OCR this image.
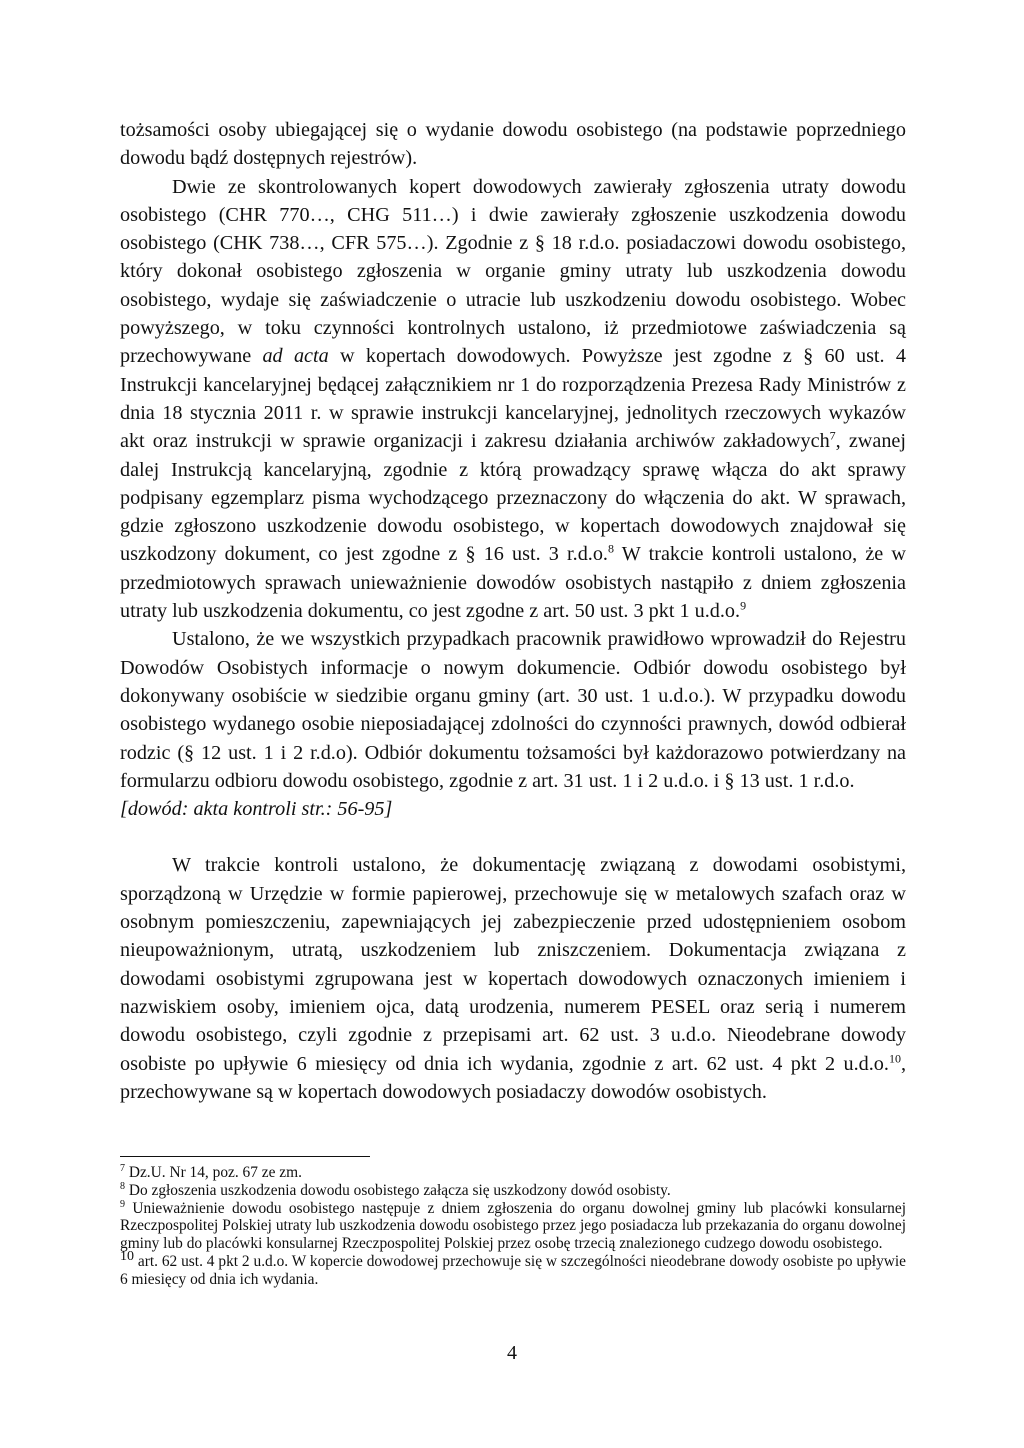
tożsamości osoby ubiegającej się o wydanie dowodu osobistego (na podstawie poprzedniego dowodu bądź dostępnych rejestrów).

Dwie ze skontrolowanych kopert dowodowych zawierały zgłoszenia utraty dowodu osobistego (CHR 770…, CHG 511…) i dwie zawierały zgłoszenie uszkodzenia dowodu osobistego (CHK 738…, CFR 575…). Zgodnie z § 18 r.d.o. posiadaczowi dowodu osobistego, który dokonał osobistego zgłoszenia w organie gminy utraty lub uszkodzenia dowodu osobistego, wydaje się zaświadczenie o utracie lub uszkodzeniu dowodu osobistego. Wobec powyższego, w toku czynności kontrolnych ustalono, iż przedmiotowe zaświadczenia są przechowywane ad acta w kopertach dowodowych. Powyższe jest zgodne z § 60 ust. 4 Instrukcji kancelaryjnej będącej załącznikiem nr 1 do rozporządzenia Prezesa Rady Ministrów z dnia 18 stycznia 2011 r. w sprawie instrukcji kancelaryjnej, jednolitych rzeczowych wykazów akt oraz instrukcji w sprawie organizacji i zakresu działania archiwów zakładowych$^7$, zwanej dalej Instrukcją kancelaryjną, zgodnie z którą prowadzący sprawę włącza do akt sprawy podpisany egzemplarz pisma wychodzącego przeznaczony do włączenia do akt. W sprawach, gdzie zgłoszono uszkodzenie dowodu osobistego, w kopertach dowodowych znajdował się uszkodzony dokument, co jest zgodne z § 16 ust. 3 r.d.o.$^8$ W trakcie kontroli ustalono, że w przedmiotowych sprawach unieważnienie dowodów osobistych nastąpiło z dniem zgłoszenia utraty lub uszkodzenia dokumentu, co jest zgodne z art. 50 ust. 3 pkt 1 u.d.o.$^9$

Ustalono, że we wszystkich przypadkach pracownik prawidłowo wprowadził do Rejestru Dowodów Osobistych informacje o nowym dokumencie. Odbiór dowodu osobistego był dokonywany osobiście w siedzibie organu gminy (art. 30 ust. 1 u.d.o.). W przypadku dowodu osobistego wydanego osobie nieposiadającej zdolności do czynności prawnych, dowód odbierał rodzic (§ 12 ust. 1 i 2 r.d.o). Odbiór dokumentu tożsamości był każdorazowo potwierdzany na formularzu odbioru dowodu osobistego, zgodnie z art. 31 ust. 1 i 2 u.d.o. i § 13 ust. 1 r.d.o.

[dowód: akta kontroli str.: 56-95]

W trakcie kontroli ustalono, że dokumentację związaną z dowodami osobistymi, sporządzoną w Urzędzie w formie papierowej, przechowuje się w metalowych szafach oraz w osobnym pomieszczeniu, zapewniających jej zabezpieczenie przed udostępnieniem osobom nieupoważnionym, utratą, uszkodzeniem lub zniszczeniem. Dokumentacja związana z dowodami osobistymi zgrupowana jest w kopertach dowodowych oznaczonych imieniem i nazwiskiem osoby, imieniem ojca, datą urodzenia, numerem PESEL oraz serią i numerem dowodu osobistego, czyli zgodnie z przepisami art. 62 ust. 3 u.d.o. Nieodebrane dowody osobiste po upływie 6 miesięcy od dnia ich wydania, zgodnie z art. 62 ust. 4 pkt 2 u.d.o.$^{10}$, przechowywane są w kopertach dowodowych posiadaczy dowodów osobistych.

$^7$ Dz.U. Nr 14, poz. 67 ze zm.

$^8$ Do zgłoszenia uszkodzenia dowodu osobistego załącza się uszkodzony dowód osobisty.

$^9$ Unieważnienie dowodu osobistego następuje z dniem zgłoszenia do organu dowolnej gminy lub placówki konsularnej Rzeczpospolitej Polskiej utraty lub uszkodzenia dowodu osobistego przez jego posiadacza lub przekazania do organu dowolnej gminy lub do placówki konsularnej Rzeczpospolitej Polskiej przez osobę trzecią znalezionego cudzego dowodu osobistego.

$^{10}$ art. 62 ust. 4 pkt 2 u.d.o. W kopercie dowodowej przechowuje się w szczególności nieodebrane dowody osobiste po upływie 6 miesięcy od dnia ich wydania.

4
